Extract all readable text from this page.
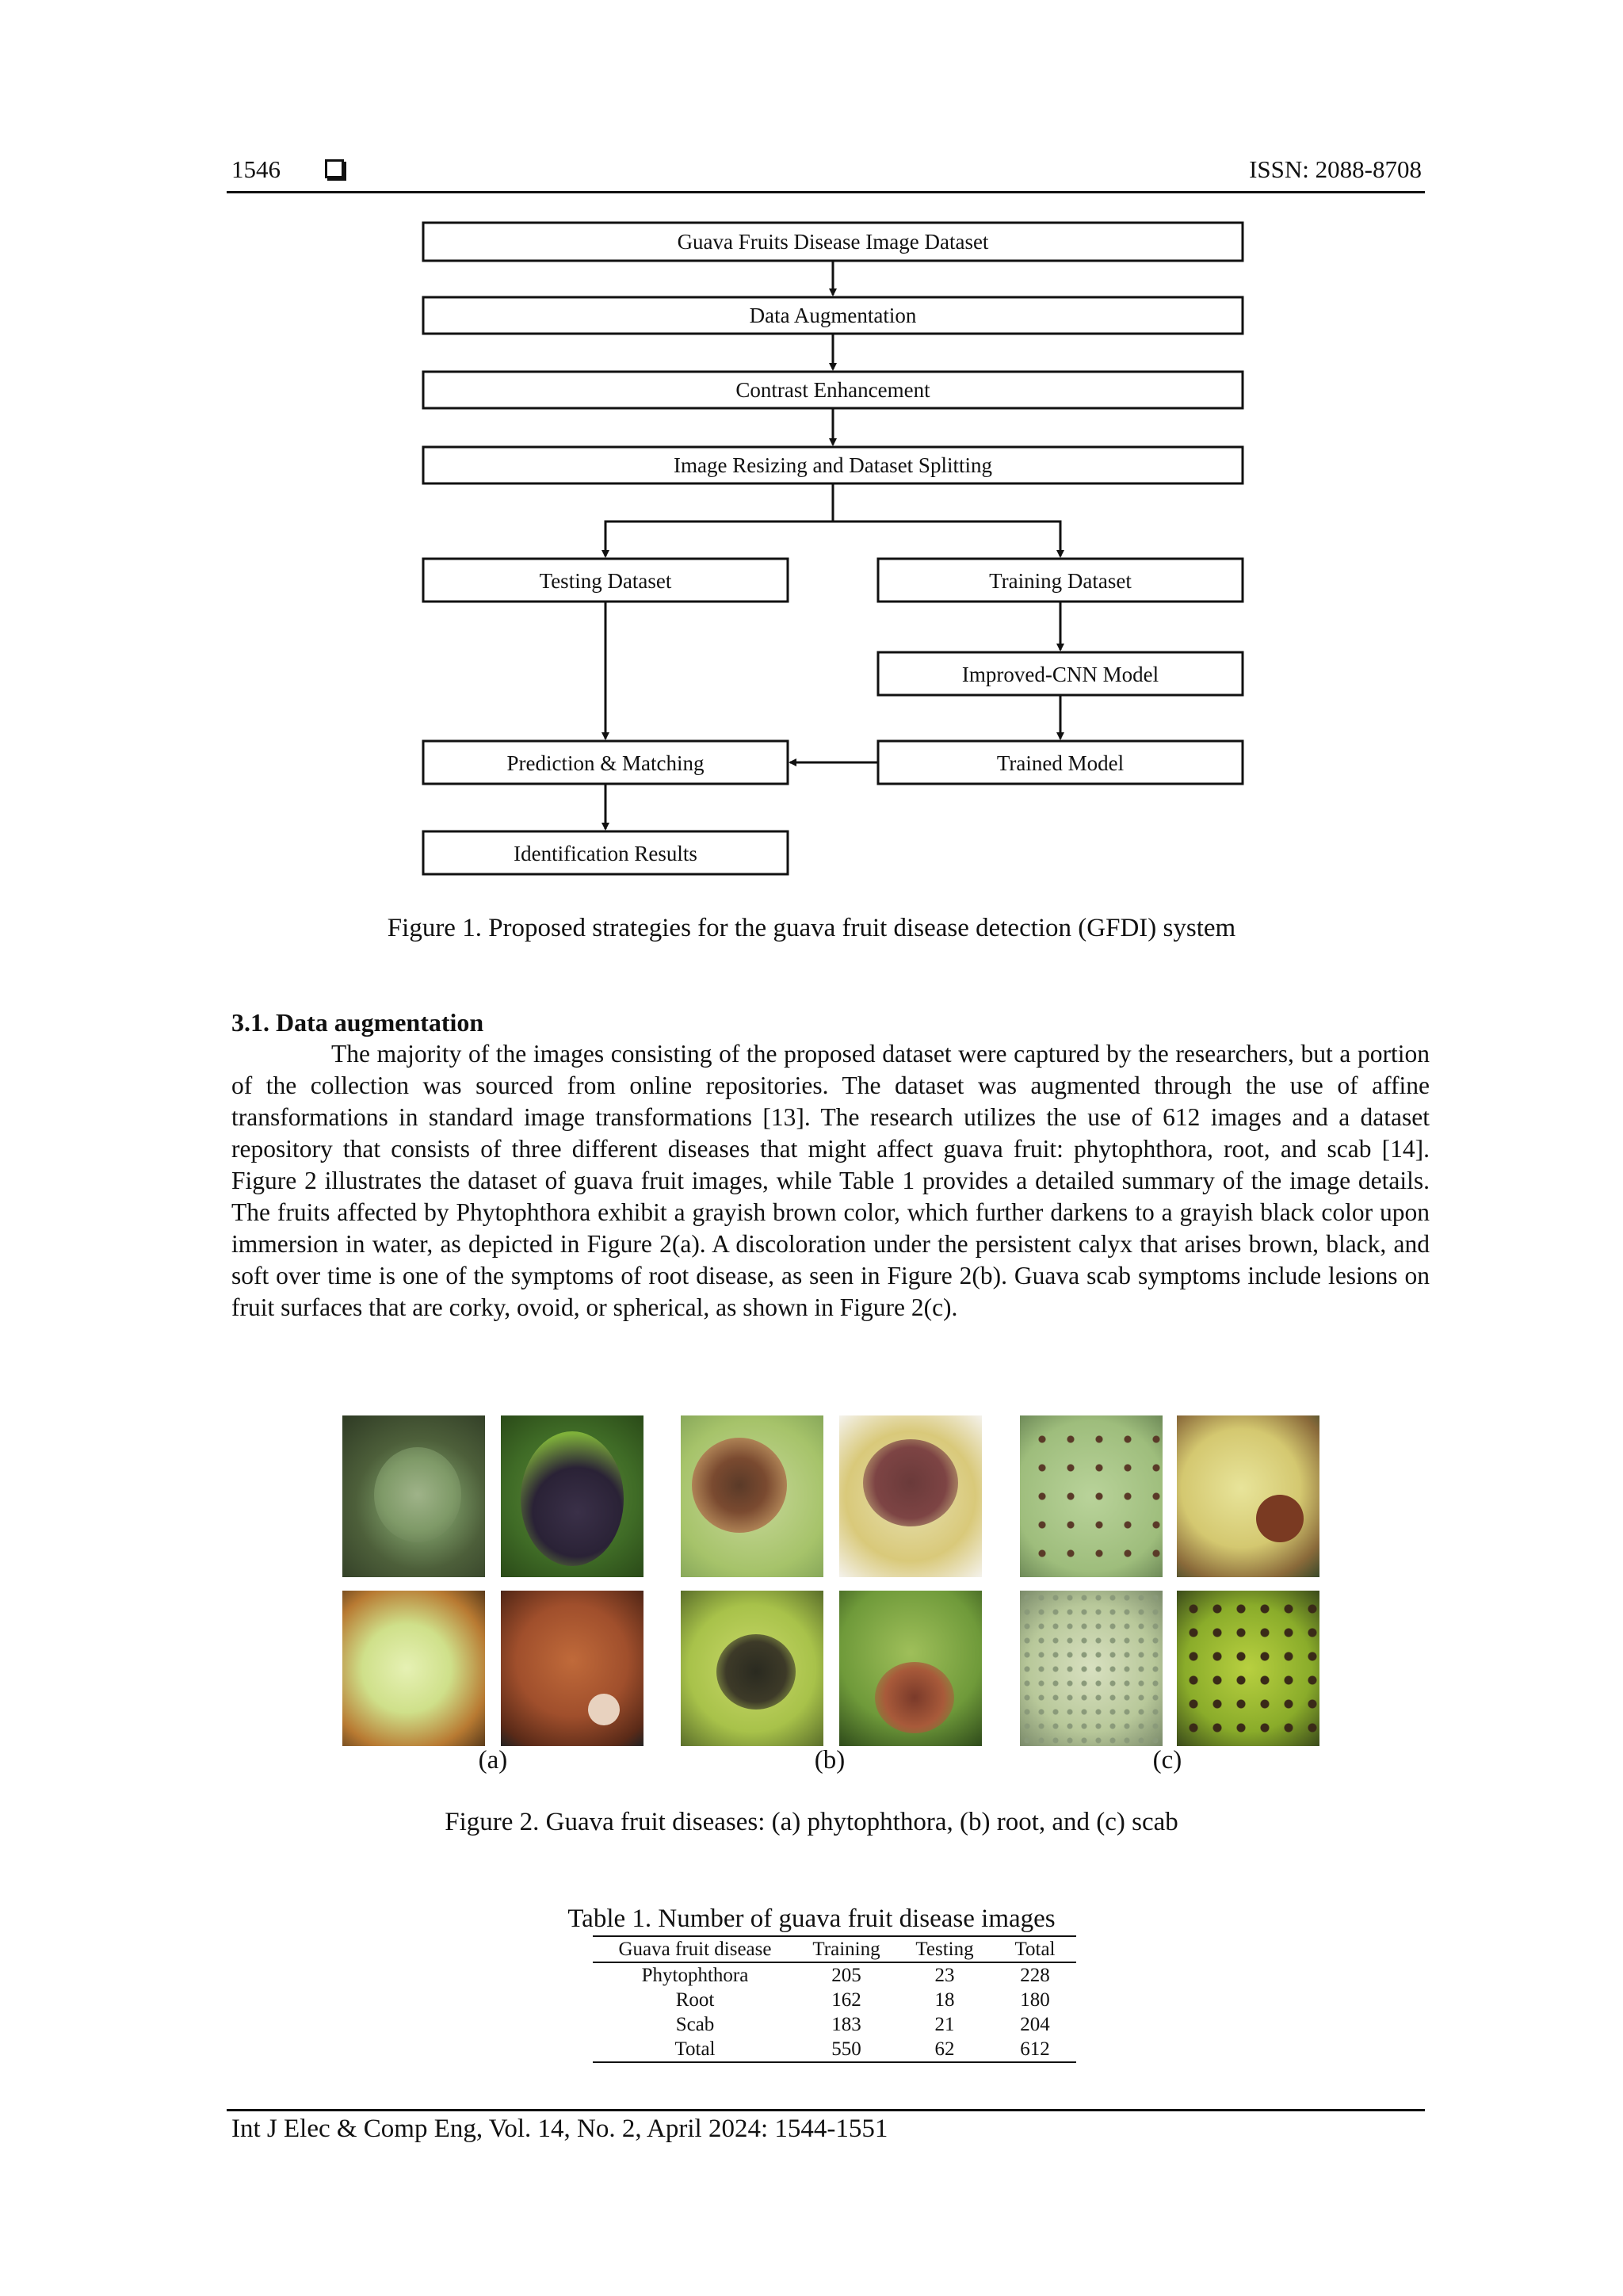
1546	ISSN: 2088-8708
Guava Fruits Disease Image Dataset
Data Augmentation
Contrast Enhancement
Image Resizing and Dataset Splitting
Testing Dataset	Training Dataset
Improved-CNN Model
Prediction & Matching	Trained Model
Identification Results
Figure 1. Proposed strategies for the guava fruit disease detection (GFDI) system
3.1. Data augmentation

The majority of the images consisting of the proposed dataset were captured by the researchers, but a portion of the collection was sourced from online repositories. The dataset was augmented through the use of affine transformations in standard image transformations [13]. The research utilizes the use of 612 images and a dataset repository that consists of three different diseases that might affect guava fruit: phytophthora, root, and scab [14]. Figure 2 illustrates the dataset of guava fruit images, while Table 1 provides a detailed summary of the image details. The fruits affected by Phytophthora exhibit a grayish brown color, which further darkens to a grayish black color upon immersion in water, as depicted in Figure 2(a). A discoloration under the persistent calyx that arises brown, black, and soft over time is one of the symptoms of root disease, as seen in Figure 2(b). Guava scab symptoms include lesions on fruit surfaces that are corky, ovoid, or spherical, as shown in Figure 2(c).

(a)	(b)	(c)
Figure 2. Guava fruit diseases: (a) phytophthora, (b) root, and (c) scab
Table 1. Number of guava fruit disease images
Guava fruit disease	Training	Testing	Total
Phytophthora	205	23	228
Root	162	18	180
Scab	183	21	204
Total	550	62	612
Int J Elec & Comp Eng, Vol. 14, No. 2, April 2024: 1544-1551
